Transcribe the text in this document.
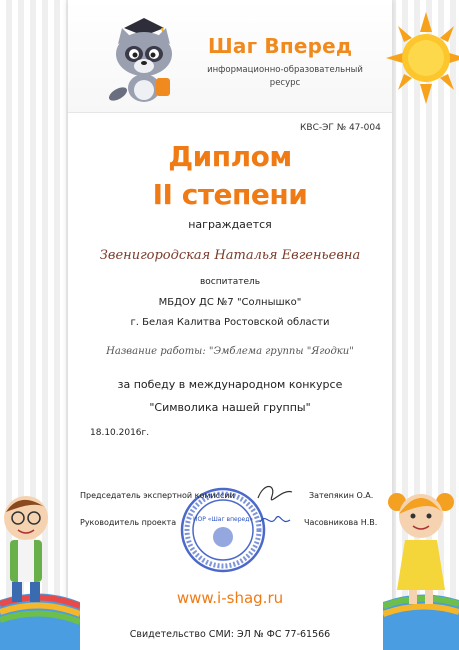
Шаг Вперед
информационно-образовательный
ресурс
КВС-ЭГ № 47-004
Диплом
II степени
награждается
Звенигородская Наталья Евгеньевна
воспитатель
МБДОУ ДС №7 "Солнышко"
г. Белая Калитва Ростовской области
Название работы: "Эмблема группы "Ягодки"
за победу в международном конкурсе
"Символика нашей группы"
18.10.2016г.
ИОР «Шаг вперед»
Председатель экспертной комиссии	Затепякин О.А.
Руководитель проекта	Часовникова Н.В.
www.i-shag.ru
Свидетельство СМИ: ЭЛ № ФС 77-61566
